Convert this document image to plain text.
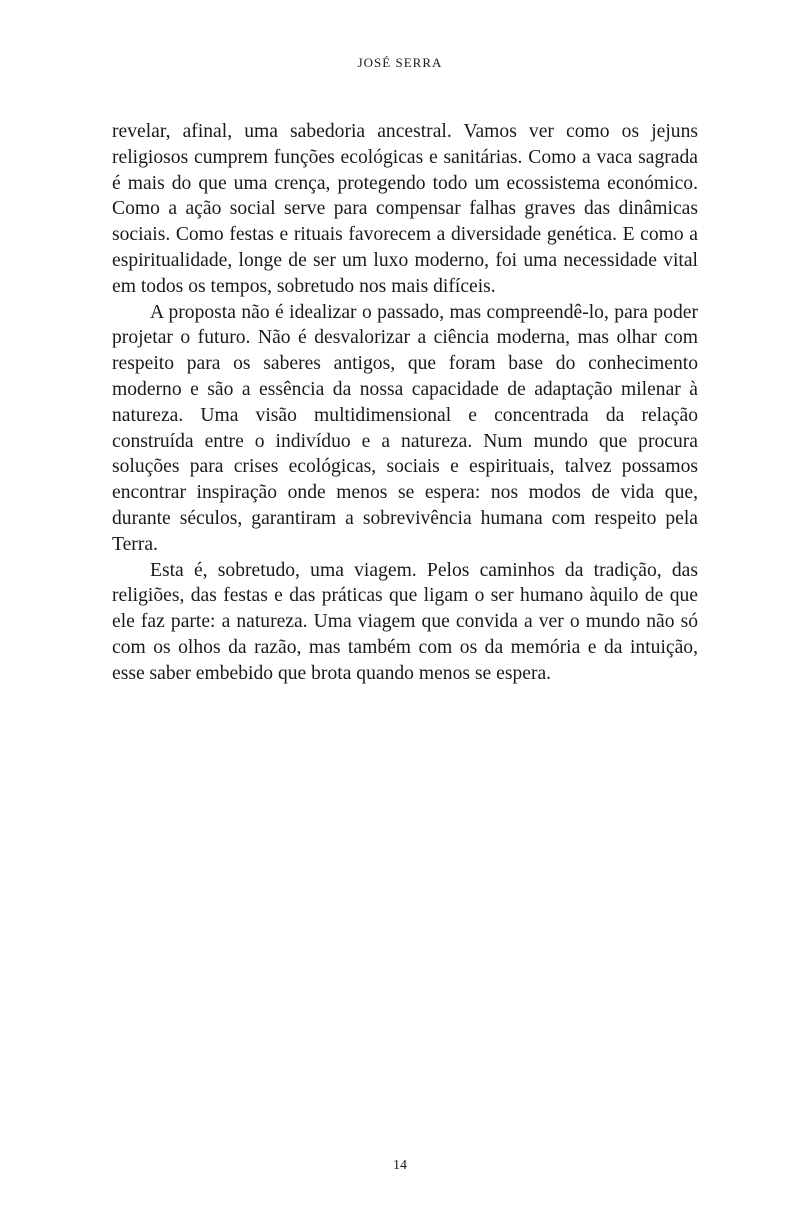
JOSÉ SERRA

revelar, afinal, uma sabedoria ancestral. Vamos ver como os jejuns religiosos cumprem funções ecológicas e sanitárias. Como a vaca sagrada é mais do que uma crença, protegendo todo um ecossistema económico. Como a ação social serve para compensar falhas graves das dinâmicas sociais. Como festas e rituais favorecem a diversidade genética. E como a espiritualidade, longe de ser um luxo moderno, foi uma necessidade vital em todos os tempos, sobretudo nos mais difíceis.

A proposta não é idealizar o passado, mas compreendê-lo, para poder projetar o futuro. Não é desvalorizar a ciência moderna, mas olhar com respeito para os saberes antigos, que foram base do conhecimento moderno e são a essência da nossa capacidade de adaptação milenar à natureza. Uma visão multidimensional e concentrada da relação construída entre o indivíduo e a natureza. Num mundo que procura soluções para crises ecológicas, sociais e espirituais, talvez possamos encontrar inspiração onde menos se espera: nos modos de vida que, durante séculos, garantiram a sobrevivência humana com respeito pela Terra.

Esta é, sobretudo, uma viagem. Pelos caminhos da tradição, das religiões, das festas e das práticas que ligam o ser humano àquilo de que ele faz parte: a natureza. Uma viagem que convida a ver o mundo não só com os olhos da razão, mas também com os da memória e da intuição, esse saber embebido que brota quando menos se espera.

14
